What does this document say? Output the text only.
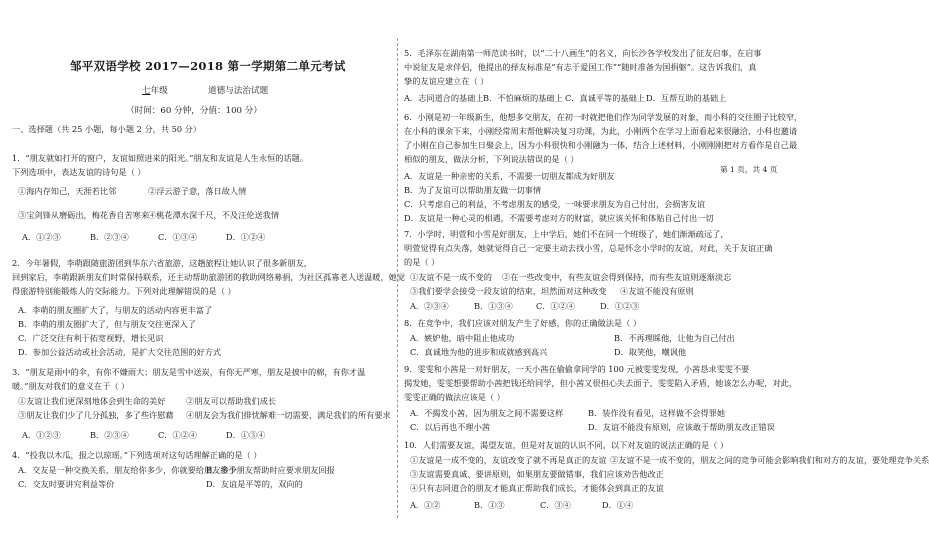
邹平双语学校 2017—2018 第一学期第二单元考试
七年级	道德与法治试题
（时间：60 分钟，分值：100 分）
一、选择题（共 25 小题，每小题 2 分，共 50 分）
1．“朋友就如打开的窗户，友谊如照进来的阳光。”朋友和友谊是人生永恒的话题。
下列选项中，表达友谊的诗句是（ ）
①海内存知己，天涯若比邻	②浮云游子意，落日故人情
③宝剑锋从磨砺出，梅花香自苦寒来
④桃花潭水深千尺，不及汪伦送我情
A．①②③	B．②③④	C．①③④	D．①②④
2．今年暑假，李萌跟随旅游团到华东六省旅游，这趟旅程让她认识了很多新朋友，
回到家后，李萌跟新朋友们时常保持联系，还主动帮助旅游团的救助网络募捐，为社区孤寡老人送温暖，她觉
得旅游特别能锻炼人的交际能力。下列对此理解错误的是（ ）
A．李萌的朋友圈扩大了，与朋友的活动内容更丰富了
B．李萌的朋友圈扩大了，但与朋友交往更深入了
C．广泛交往有利于拓宽视野，增长见识
D．参加公益活动或社会活动，是扩大交往范围的好方式
3．“朋友是雨中的伞，有你不嫌雨大；朋友是雪中送炭，有你无严寒，朋友是披中的棉，有你才温
暖。”朋友对我们的意义在于（ ）
①友谊让我们更深刻地体会到生命的美好	②朋友可以帮助我们成长
③朋友让我们少了几分孤独，多了些许慰藉 ④朋友会为我们排忧解难一切需要，满足我们的所有要求
A．①②③	B．②③④	C．①②④	D．①③④
4．“投我以木瓜，报之以琼瑶。”下列选项对这句话理解正确的是（ ）
A．交友是一种交换关系，朋友给你多少，你就要给朋友多少
B．给予朋友帮助时应要求朋友回报
C．交友时要讲究利益等价	D．友谊是平等的，双向的
5．毛泽东在湖南第一师范读书时，以“二十八画生”的名义，向长沙各学校发出了征友启事，在启事
中说征友是求伴侣，他提出的择友标准是“有志于爱国工作”“随时准备为国捐躯”。这告诉我们，真
挚的友谊应建立在（ ）
A．志同道合的基础上 B．不怕麻烦的基础上 C．真诚平等的基础上 D．互帮互助的基础上
6．小刚是初一年级新生，他想多交朋友，在初一时就把他们作为同学发展的对象，而小科的交往圈子比较窄，
在小科的课余下来，小刚经常周末帮他解决复习功课，为此，小刚两个在学习上面看起来很融洽，小科也邀请
了小刚在自己参加生日聚会上，因为小科很快和小刚融为一体，结合上述材料，小刚刚刚把对方看作是自己最
相似的朋友，做法分析，下列说法错误的是（ ）
A．友谊是一种亲密的关系，不需要一切朋友都成为好朋友
B．为了友谊可以帮助朋友做一切事情
C．只考虑自己的利益，不考虑朋友的感受，一味要求朋友为自己付出，会损害友谊
D．友谊是一种心灵的相遇，不需要考虑对方的财富，就应该关怀和体贴自己付出一切
7．小学时，明萱和小雪是好朋友，上中学后，她们不在同一个班级了，她们渐渐疏远了，
明萱觉得有点失落，她就觉得自己一定要主动去找小雪，总是怀念小学时的友谊，对此，关于友谊正确
的是（ ）
①友谊不是一成不变的 ②在一些改变中，有些友谊会得到保持，而有些友谊则逐渐淡忘
③我们要学会接受一段友谊的结束，坦然面对这种改变 ④友谊不能没有原则
A．②③④	B．①③④	C．①②④	D．①②③
8．在竞争中，我们应该对朋友产生了好感，你的正确做法是（ ）
A．嫉妒他，暗中阻止他成功	B．不再理睬他，让他为自己付出
C．真诚地为他的进步和成就感到高兴	D．取笑他，嘲讽他
9．雯雯和小茜是一对好朋友，一天小茜在偷偷拿同学的 100 元被雯雯发现，小茜恳求雯雯不要
揭发她，雯雯想要帮助小茜把钱还给同学，但小茜又很担心失去面子，雯雯陷入矛盾，她该怎么办呢，对此，
雯雯正确的做法应该是（ ）
A．不揭发小茜，因为朋友之间不需要这样	B．装作没有看见，这样做不会得罪她
C．以后再也不理小茜	D．友谊不能没有原则，应该敢于帮助朋友改正错误
10．人们需要友谊，渴望友谊，但是对友谊的认识不同，以下对友谊的说法正确的是（ ）
①友谊是一成不变的，友谊改变了就不再是真正的友谊 ②友谊不是一成不变的，朋友之间的竞争可能会影响我们和对方的友谊，要处理竞争关系
③友谊需要真诚、要讲原则，如果朋友要做错事，我们应该劝告他改正
④只有志同道合的朋友才能真正帮助我们成长，才能体会到真正的友谊
A．①②	B．①③	C．③④	D．①④
第 1 页，共 4 页
